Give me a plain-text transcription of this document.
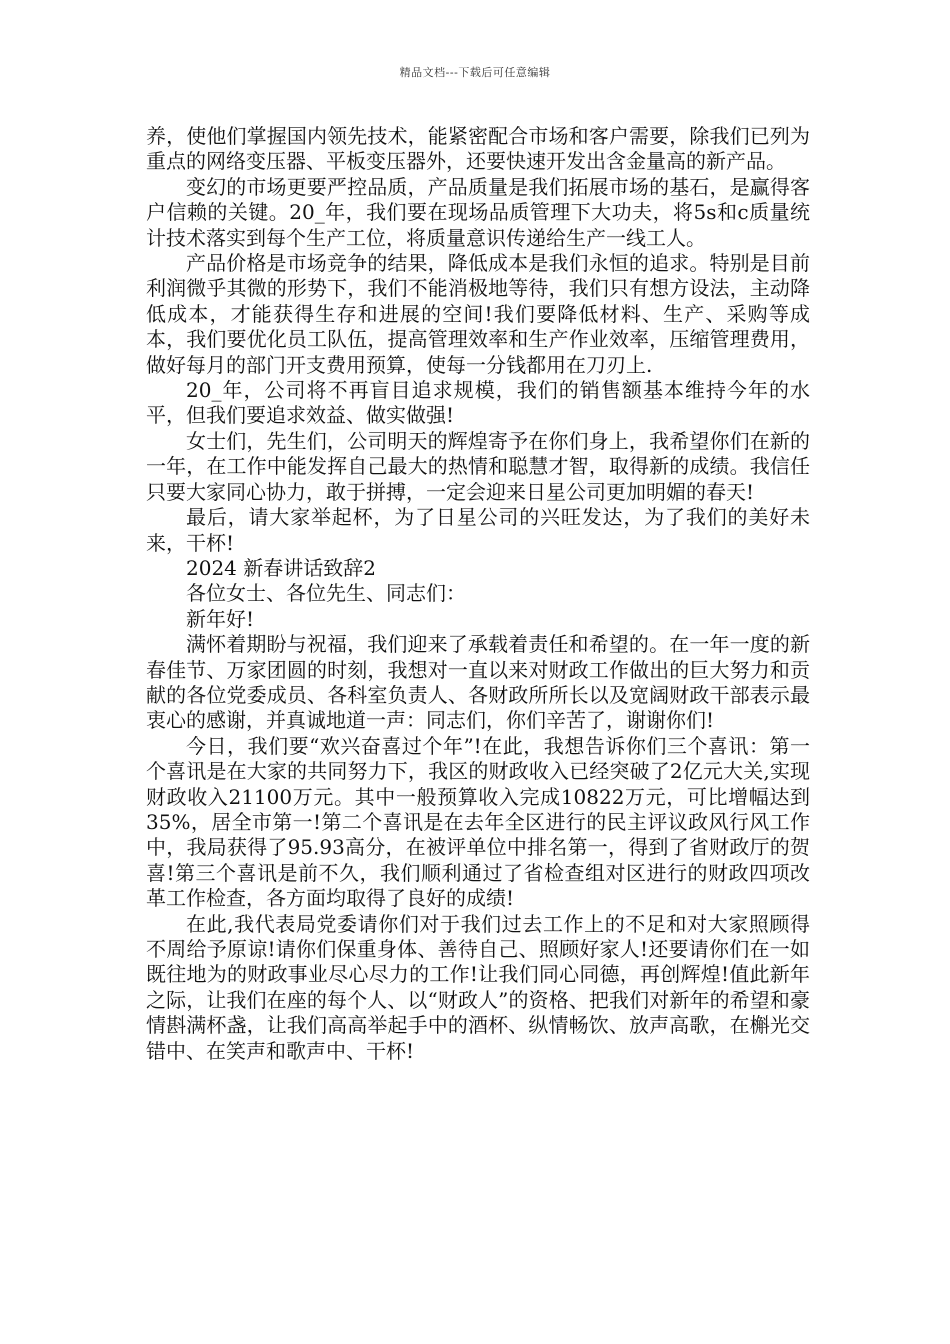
精品文档---下载后可任意编辑

养，使他们掌握国内领先技术，能紧密配合市场和客户需要，除我们已列为重点的网络变压器、平板变压器外，还要快速开发出含金量高的新产品。

变幻的市场更要严控品质，产品质量是我们拓展市场的基石，是赢得客户信赖的关键。20_年，我们要在现场品质管理下大功夫，将5s和c质量统计技术落实到每个生产工位，将质量意识传递给生产一线工人。

产品价格是市场竞争的结果，降低成本是我们永恒的追求。特别是目前利润微乎其微的形势下，我们不能消极地等待，我们只有想方设法，主动降低成本，才能获得生存和进展的空间!我们要降低材料、生产、采购等成本，我们要优化员工队伍，提高管理效率和生产作业效率，压缩管理费用，做好每月的部门开支费用预算，使每一分钱都用在刀刃上.

20_年，公司将不再盲目追求规模，我们的销售额基本维持今年的水平，但我们要追求效益、做实做强!

女士们，先生们，公司明天的辉煌寄予在你们身上，我希望你们在新的一年，在工作中能发挥自己最大的热情和聪慧才智，取得新的成绩。我信任只要大家同心协力，敢于拼搏，一定会迎来日星公司更加明媚的春天!

最后，请大家举起杯，为了日星公司的兴旺发达，为了我们的美好未来，干杯!

2024 新春讲话致辞2

各位女士、各位先生、同志们：

新年好!

满怀着期盼与祝福，我们迎来了承载着责任和希望的。在一年一度的新春佳节、万家团圆的时刻，我想对一直以来对财政工作做出的巨大努力和贡献的各位党委成员、各科室负责人、各财政所所长以及宽阔财政干部表示最衷心的感谢，并真诚地道一声：同志们，你们辛苦了，谢谢你们!

今日，我们要“欢兴奋喜过个年”!在此，我想告诉你们三个喜讯：第一个喜讯是在大家的共同努力下，我区的财政收入已经突破了2亿元大关,实现财政收入21100万元。其中一般预算收入完成10822万元，可比增幅达到35%，居全市第一!第二个喜讯是在去年全区进行的民主评议政风行风工作中，我局获得了95.93高分，在被评单位中排名第一，得到了省财政厅的贺喜!第三个喜讯是前不久，我们顺利通过了省检查组对区进行的财政四项改革工作检查，各方面均取得了良好的成绩!

在此,我代表局党委请你们对于我们过去工作上的不足和对大家照顾得不周给予原谅!请你们保重身体、善待自己、照顾好家人!还要请你们在一如既往地为的财政事业尽心尽力的工作!让我们同心同德，再创辉煌!值此新年之际，让我们在座的每个人、以“财政人”的资格、把我们对新年的希望和豪情斟满杯盏，让我们高高举起手中的酒杯、纵情畅饮、放声高歌，在槲光交错中、在笑声和歌声中、干杯!
